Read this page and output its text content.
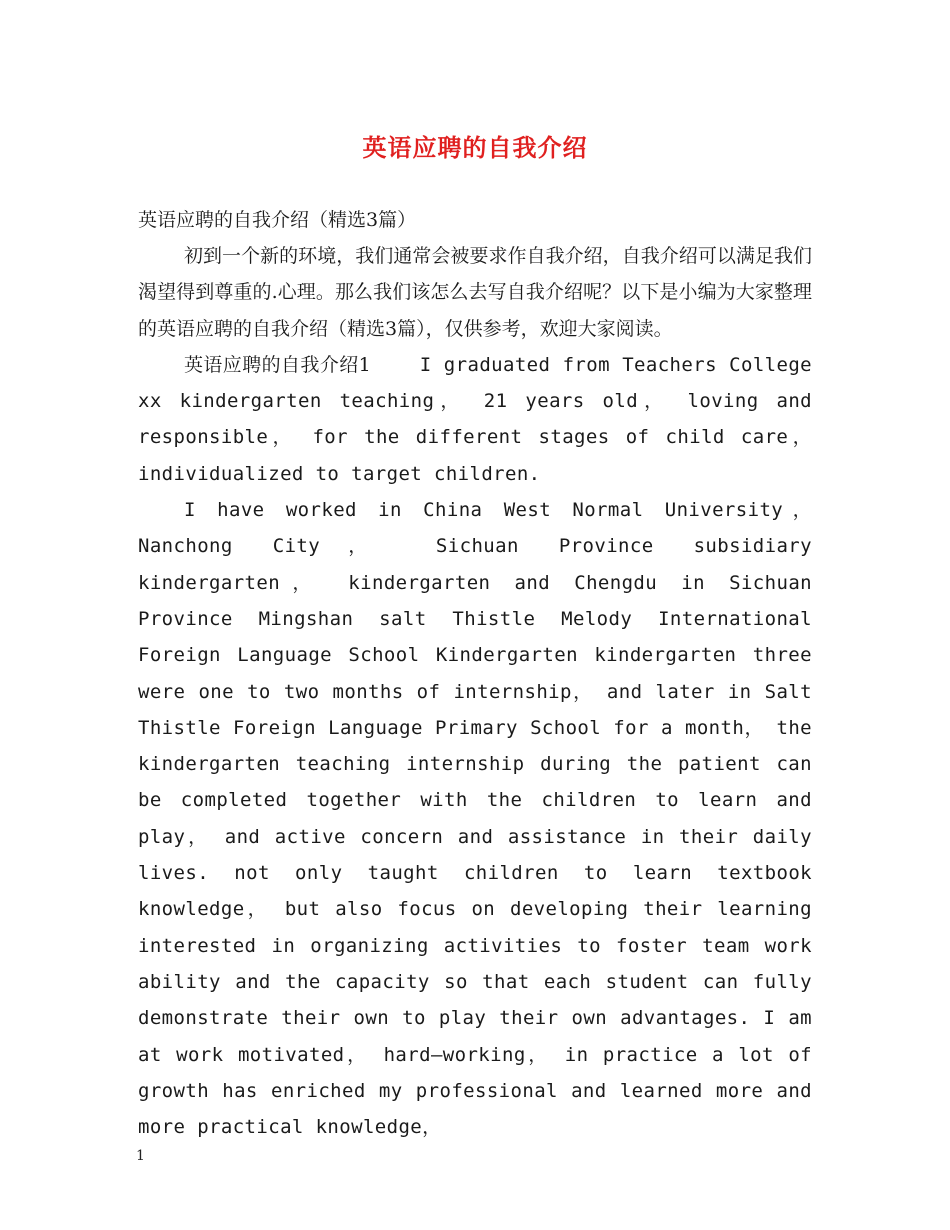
英语应聘的自我介绍
英语应聘的自我介绍（精选3篇）

初到一个新的环境，我们通常会被要求作自我介绍，自我介绍可以满足我们渴望得到尊重的.心理。那么我们该怎么去写自我介绍呢？以下是小编为大家整理的英语应聘的自我介绍（精选3篇），仅供参考，欢迎大家阅读。

英语应聘的自我介绍1	I graduated from Teachers College xx kindergarten teaching， 21 years old， loving and responsible， for the different stages of child care， individualized to target children.

I have worked in China West Normal University， Nanchong City， Sichuan Province subsidiary kindergarten， kindergarten and Chengdu in Sichuan Province Mingshan salt Thistle Melody International Foreign Language School Kindergarten kindergarten three were one to two months of internship， and later in Salt Thistle Foreign Language Primary School for a month， the kindergarten teaching internship during the patient can be completed together with the children to learn and play， and active concern and assistance in their daily lives. not only taught children to learn textbook knowledge， but also focus on developing their learning interested in organizing activities to foster team work ability and the capacity so that each student can fully demonstrate their own to play their own advantages. I am at work motivated， hard—working， in practice a lot of growth has enriched my professional and learned more and more practical knowledge，

1
